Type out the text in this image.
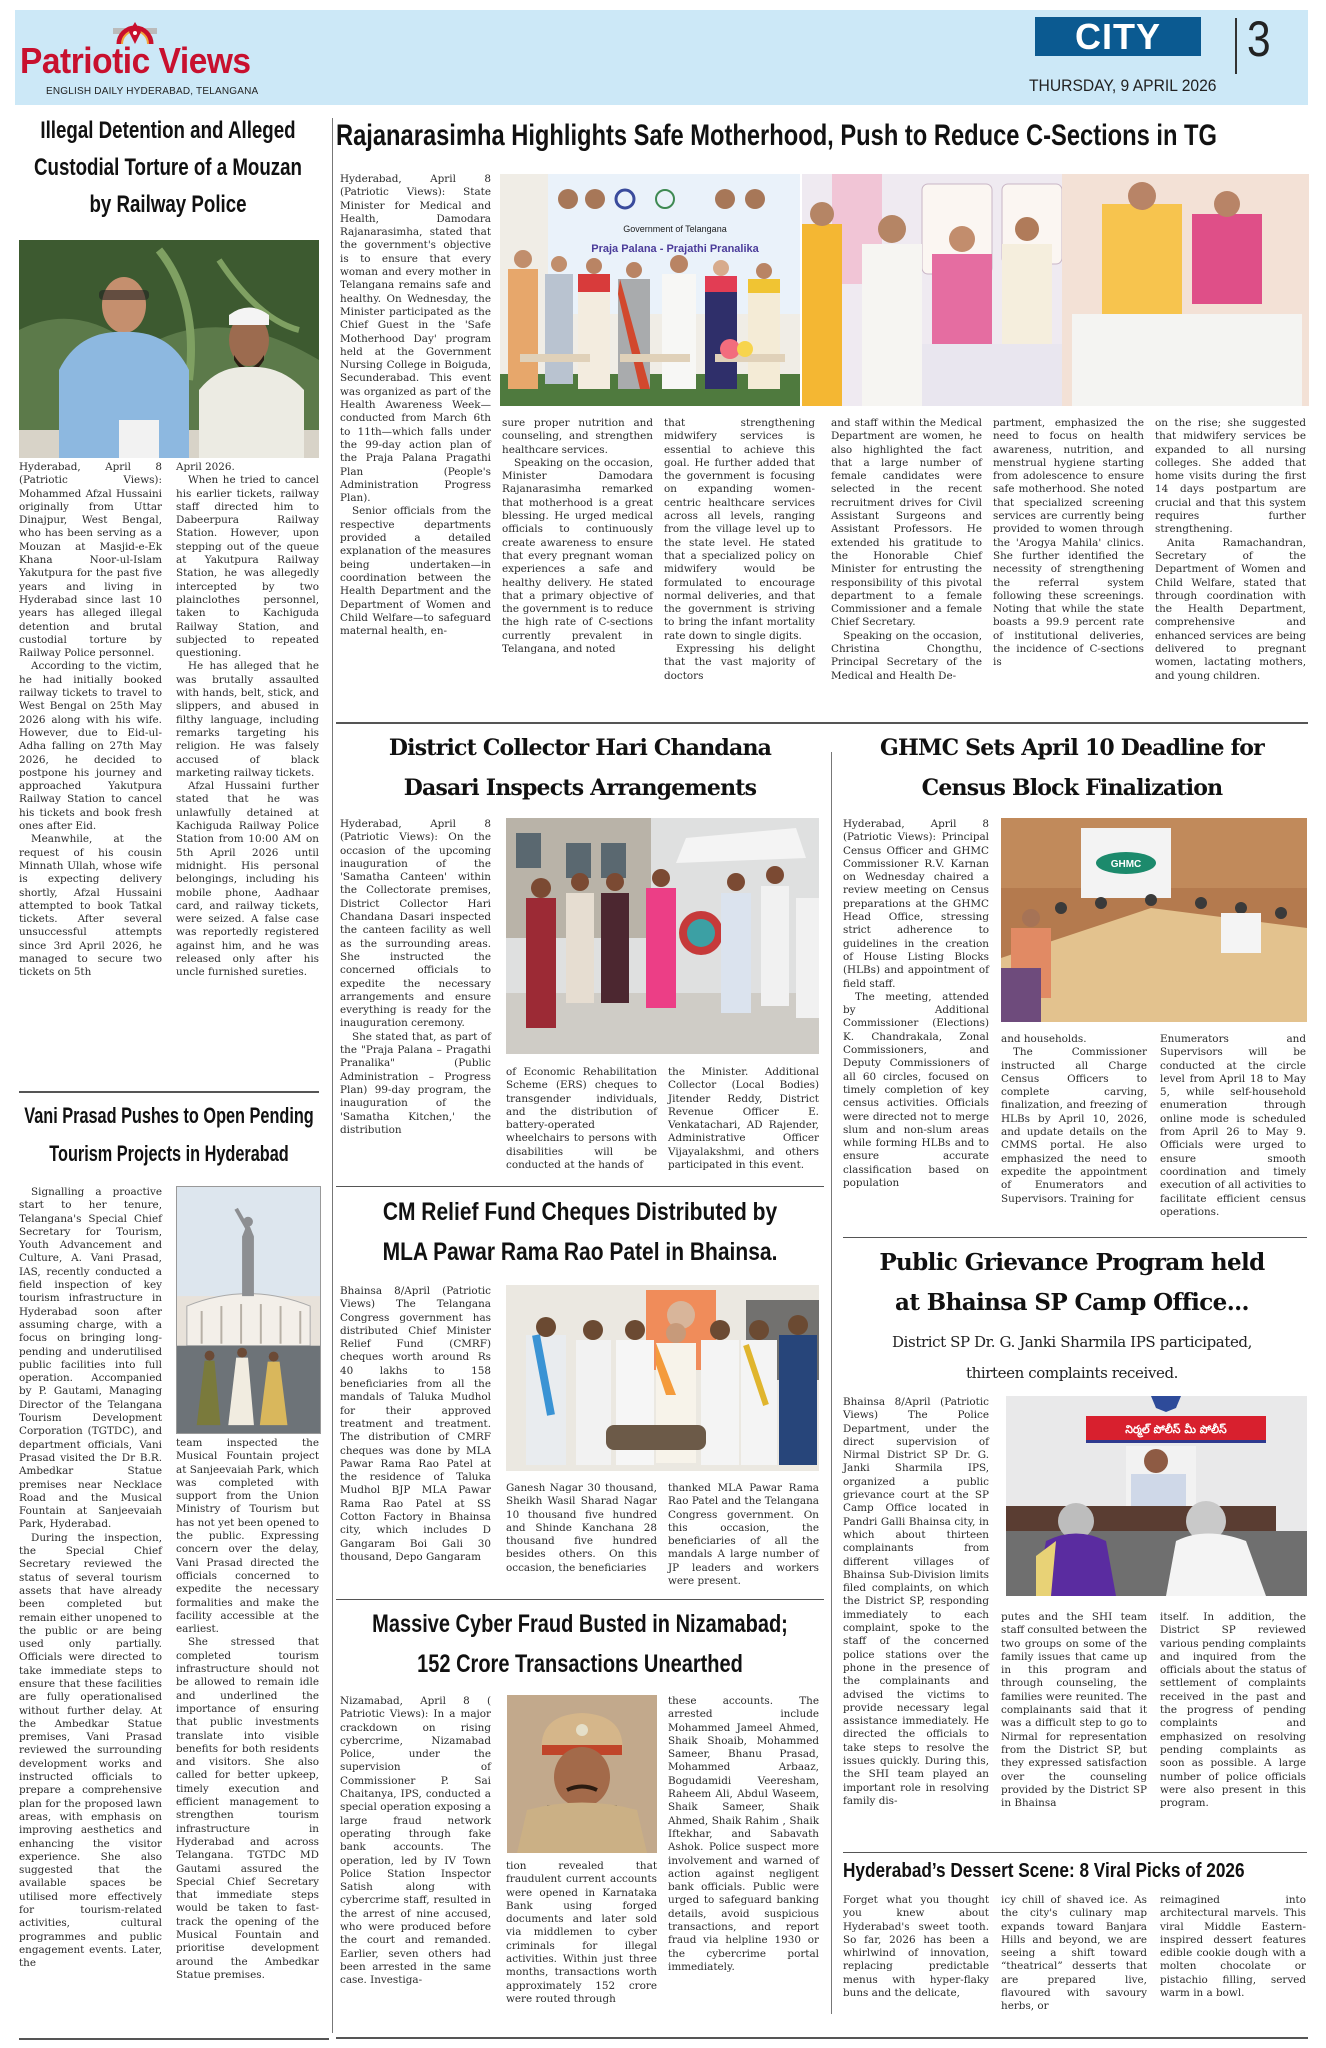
Patriotic Views
ENGLISH DAILY HYDERABAD, TELANGANA
CITY	3
THURSDAY, 9 APRIL 2026
Illegal Detention and Alleged
Custodial Torture of a Mouzan
by Railway Police

Hyderabad, April 8 (Patriotic Views): Mohammed Afzal Hussaini originally from Uttar Dinajpur, West Bengal, who has been serving as a Mouzan at Masjid-e-Ek Khana Noor-ul-Islam Yakutpura for the past five years and living in Hyderabad since last 10 years has alleged illegal detention and brutal custodial torture by Railway Police personnel.

According to the victim, he had initially booked railway tickets to travel to West Bengal on 25th May 2026 along with his wife. However, due to Eid-ul-Adha falling on 27th May 2026, he decided to postpone his journey and approached Yakutpura Railway Station to cancel his tickets and book fresh ones after Eid.

Meanwhile, at the request of his cousin Minnath Ullah, whose wife is expecting delivery shortly, Afzal Hussaini attempted to book Tatkal tickets. After several unsuccessful attempts since 3rd April 2026, he managed to secure two tickets on 5th

April 2026.

When he tried to cancel his earlier tickets, railway staff directed him to Dabeerpura Railway Station. However, upon stepping out of the queue at Yakutpura Railway Station, he was allegedly intercepted by two plainclothes personnel, taken to Kachiguda Railway Station, and subjected to repeated questioning.

He has alleged that he was brutally assaulted with hands, belt, stick, and slippers, and abused in filthy language, including remarks targeting his religion. He was falsely accused of black marketing railway tickets.

Afzal Hussaini further stated that he was unlawfully detained at Kachiguda Railway Police Station from 10:00 AM on 5th April 2026 until midnight. His personal belongings, including his mobile phone, Aadhaar card, and railway tickets, were seized. A false case was reportedly registered against him, and he was released only after his uncle furnished sureties.

Vani Prasad Pushes to Open Pending
Tourism Projects in Hyderabad

Signalling a proactive start to her tenure, Telangana's Special Chief Secretary for Tourism, Youth Advancement and Culture, A. Vani Prasad, IAS, recently conducted a field inspection of key tourism infrastructure in Hyderabad soon after assuming charge, with a focus on bringing long-pending and underutilised public facilities into full operation. Accompanied by P. Gautami, Managing Director of the Telangana Tourism Development Corporation (TGTDC), and department officials, Vani Prasad visited the Dr B.R. Ambedkar Statue premises near Necklace Road and the Musical Fountain at Sanjeevaiah Park, Hyderabad.

During the inspection, the Special Chief Secretary reviewed the status of several tourism assets that have already been completed but remain either unopened to the public or are being used only partially. Officials were directed to take immediate steps to ensure that these facilities are fully operationalised without further delay. At the Ambedkar Statue premises, Vani Prasad reviewed the surrounding development works and instructed officials to prepare a comprehensive plan for the proposed lawn areas, with emphasis on improving aesthetics and enhancing the visitor experience. She also suggested that the available spaces be utilised more effectively for tourism-related activities, cultural programmes and public engagement events. Later, the

team inspected the Musical Fountain project at Sanjeevaiah Park, which was completed with support from the Union Ministry of Tourism but has not yet been opened to the public. Expressing concern over the delay, Vani Prasad directed the officials concerned to expedite the necessary formalities and make the facility accessible at the earliest.

She stressed that completed tourism infrastructure should not be allowed to remain idle and underlined the importance of ensuring that public investments translate into visible benefits for both residents and visitors. She also called for better upkeep, timely execution and efficient management to strengthen tourism infrastructure in Hyderabad and across Telangana. TGTDC MD Gautami assured the Special Chief Secretary that immediate steps would be taken to fast-track the opening of the Musical Fountain and prioritise development around the Ambedkar Statue premises.

Rajanarasimha Highlights Safe Motherhood, Push to Reduce C-Sections in TG
Government of Telangana
Praja Palana - Prajathi Pranalika

Hyderabad, April 8 (Patriotic Views): State Minister for Medical and Health, Damodara Rajanarasimha, stated that the government's objective is to ensure that every woman and every mother in Telangana remains safe and healthy. On Wednesday, the Minister participated as the Chief Guest in the 'Safe Motherhood Day' program held at the Government Nursing College in Boiguda, Secunderabad. This event was organized as part of the Health Awareness Week—conducted from March 6th to 11th—which falls under the 99-day action plan of the Praja Palana Pragathi Plan (People's Administration Progress Plan).

Senior officials from the respective departments provided a detailed explanation of the measures being undertaken—in coordination between the Health Department and the Department of Women and Child Welfare—to safeguard maternal health, en-

sure proper nutrition and counseling, and strengthen healthcare services.

Speaking on the occasion, Minister Damodara Rajanarasimha remarked that motherhood is a great blessing. He urged medical officials to continuously create awareness to ensure that every pregnant woman experiences a safe and healthy delivery. He stated that a primary objective of the government is to reduce the high rate of C-sections currently prevalent in Telangana, and noted

that strengthening midwifery services is essential to achieve this goal. He further added that the government is focusing on expanding women-centric healthcare services across all levels, ranging from the village level up to the state level. He stated that a specialized policy on midwifery would be formulated to encourage normal deliveries, and that the government is striving to bring the infant mortality rate down to single digits.

Expressing his delight that the vast majority of doctors

and staff within the Medical Department are women, he also highlighted the fact that a large number of female candidates were selected in the recent recruitment drives for Civil Assistant Surgeons and Assistant Professors. He extended his gratitude to the Honorable Chief Minister for entrusting the responsibility of this pivotal department to a female Commissioner and a female Chief Secretary.

Speaking on the occasion, Christina Chongthu, Principal Secretary of the Medical and Health De-

partment, emphasized the need to focus on health awareness, nutrition, and menstrual hygiene starting from adolescence to ensure safe motherhood. She noted that specialized screening services are currently being provided to women through the 'Arogya Mahila' clinics. She further identified the necessity of strengthening the referral system following these screenings. Noting that while the state boasts a 99.9 percent rate of institutional deliveries, the incidence of C-sections is

on the rise; she suggested that midwifery services be expanded to all nursing colleges. She added that home visits during the first 14 days postpartum are crucial and that this system requires further strengthening.

Anita Ramachandran, Secretary of the Department of Women and Child Welfare, stated that through coordination with the Health Department, comprehensive and enhanced services are being delivered to pregnant women, lactating mothers, and young children.

District Collector Hari Chandana
Dasari Inspects Arrangements

Hyderabad, April 8 (Patriotic Views): On the occasion of the upcoming inauguration of the 'Samatha Canteen' within the Collectorate premises, District Collector Hari Chandana Dasari inspected the canteen facility as well as the surrounding areas. She instructed the concerned officials to expedite the necessary arrangements and ensure everything is ready for the inauguration ceremony.

She stated that, as part of the "Praja Palana – Pragathi Pranalika" (Public Administration – Progress Plan) 99-day program, the inauguration of the 'Samatha Kitchen,' the distribution

of Economic Rehabilitation Scheme (ERS) cheques to transgender individuals, and the distribution of battery-operated wheelchairs to persons with disabilities will be conducted at the hands of

the Minister. Additional Collector (Local Bodies) Jitender Reddy, District Revenue Officer E. Venkatachari, AD Rajender, Administrative Officer Vijayalakshmi, and others participated in this event.

GHMC Sets April 10 Deadline for
Census Block Finalization
GHMC

Hyderabad, April 8 (Patriotic Views): Principal Census Officer and GHMC Commissioner R.V. Karnan on Wednesday chaired a review meeting on Census preparations at the GHMC Head Office, stressing strict adherence to guidelines in the creation of House Listing Blocks (HLBs) and appointment of field staff.

The meeting, attended by Additional Commissioner (Elections) K. Chandrakala, Zonal Commissioners, and Deputy Commissioners of all 60 circles, focused on timely completion of key census activities. Officials were directed not to merge slum and non-slum areas while forming HLBs and to ensure accurate classification based on population

and households.

The Commissioner instructed all Charge Census Officers to complete carving, finalization, and freezing of HLBs by April 10, 2026, and update details on the CMMS portal. He also emphasized the need to expedite the appointment of Enumerators and Supervisors. Training for

Enumerators and Supervisors will be conducted at the circle level from April 18 to May 5, while self-household enumeration through online mode is scheduled from April 26 to May 9. Officials were urged to ensure smooth coordination and timely execution of all activities to facilitate efficient census operations.

CM Relief Fund Cheques Distributed by
MLA Pawar Rama Rao Patel in Bhainsa.

Bhainsa 8/April (Patriotic Views) The Telangana Congress government has distributed Chief Minister Relief Fund (CMRF) cheques worth around Rs 40 lakhs to 158 beneficiaries from all the mandals of Taluka Mudhol for their approved treatment and treatment. The distribution of CMRF cheques was done by MLA Pawar Rama Rao Patel at the residence of Taluka Mudhol BJP MLA Pawar Rama Rao Patel at SS Cotton Factory in Bhainsa city, which includes D Gangaram Boi Gali 30 thousand, Depo Gangaram

Ganesh Nagar 30 thousand, Sheikh Wasil Sharad Nagar 10 thousand five hundred and Shinde Kanchana 28 thousand five hundred besides others. On this occasion, the beneficiaries

thanked MLA Pawar Rama Rao Patel and the Telangana Congress government. On this occasion, the beneficiaries of all the mandals A large number of JP leaders and workers were present.

Massive Cyber Fraud Busted in Nizamabad;
152 Crore Transactions Unearthed

Nizamabad, April 8 ( Patriotic Views): In a major crackdown on rising cybercrime, Nizamabad Police, under the supervision of Commissioner P. Sai Chaitanya, IPS, conducted a special operation exposing a large fraud network operating through fake bank accounts. The operation, led by IV Town Police Station Inspector Satish along with cybercrime staff, resulted in the arrest of nine accused, who were produced before the court and remanded. Earlier, seven others had been arrested in the same case. Investiga-

tion revealed that fraudulent current accounts were opened in Karnataka Bank using forged documents and later sold via middlemen to cyber criminals for illegal activities. Within just three months, transactions worth approximately 152 crore were routed through

these accounts. The arrested include Mohammed Jameel Ahmed, Shaik Shoaib, Mohammed Sameer, Bhanu Prasad, Mohammed Arbaaz, Bogudamidi Veeresham, Raheem Ali, Abdul Waseem, Shaik Sameer, Shaik Ahmed, Shaik Rahim , Shaik Iftekhar, and Sabavath Ashok. Police suspect more involvement and warned of action against negligent bank officials. Public were urged to safeguard banking details, avoid suspicious transactions, and report fraud via helpline 1930 or the cybercrime portal immediately.

Public Grievance Program held
at Bhainsa SP Camp Office...
District SP Dr. G. Janki Sharmila IPS participated,
thirteen complaints received.
నిర్మల్ పోలీస్ మీ పోలీస్

Bhainsa 8/April (Patriotic Views) The Police Department, under the direct supervision of Nirmal District SP Dr. G. Janki Sharmila IPS, organized a public grievance court at the SP Camp Office located in Pandri Galli Bhainsa city, in which about thirteen complainants from different villages of Bhainsa Sub-Division limits filed complaints, on which the District SP, responding immediately to each complaint, spoke to the staff of the concerned police stations over the phone in the presence of the complainants and advised the victims to provide necessary legal assistance immediately. He directed the officials to take steps to resolve the issues quickly. During this, the SHI team played an important role in resolving family dis-

putes and the SHI team staff consulted between the two groups on some of the family issues that came up in this program and through counseling, the families were reunited. The complainants said that it was a difficult step to go to Nirmal for representation from the District SP, but they expressed satisfaction over the counseling provided by the District SP in Bhainsa

itself. In addition, the District SP reviewed various pending complaints and inquired from the officials about the status of settlement of complaints received in the past and the progress of pending complaints and emphasized on resolving pending complaints as soon as possible. A large number of police officials were also present in this program.

Hyderabad’s Dessert Scene: 8 Viral Picks of 2026

Forget what you thought you knew about Hyderabad's sweet tooth. So far, 2026 has been a whirlwind of innovation, replacing predictable menus with hyper-flaky buns and the delicate,

icy chill of shaved ice. As the city's culinary map expands toward Banjara Hills and beyond, we are seeing a shift toward “theatrical” desserts that are prepared live, flavoured with savoury herbs, or

reimagined into architectural marvels. This viral Middle Eastern-inspired dessert features edible cookie dough with a molten chocolate or pistachio filling, served warm in a bowl.
